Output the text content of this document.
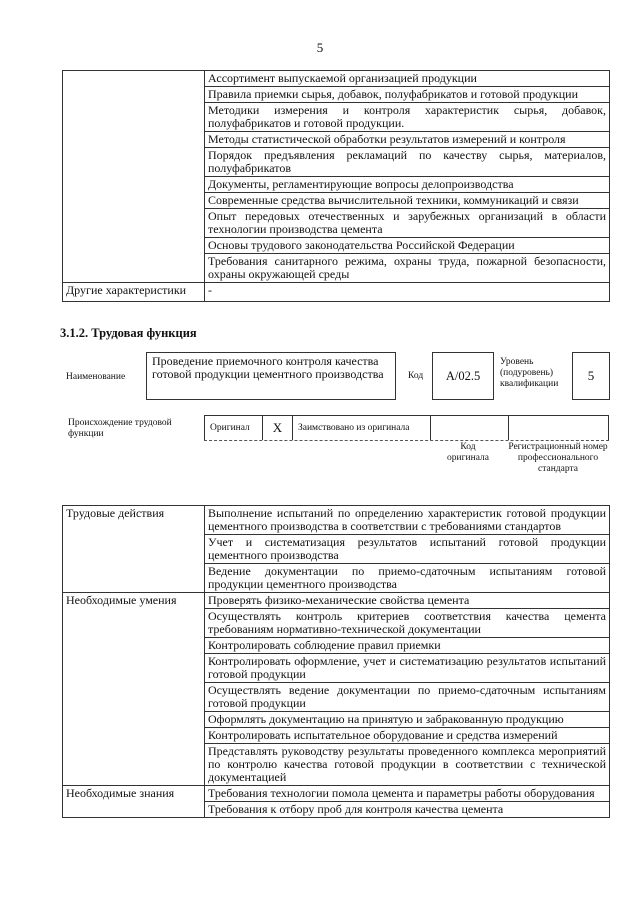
5
	Ассортимент выпускаемой организацией продукции
	Правила приемки сырья, добавок, полуфабрикатов и готовой продукции
	Методики измерения и контроля характеристик сырья, добавок, полуфабрикатов и готовой продукции.
	Методы статистической обработки результатов измерений и контроля
	Порядок предъявления рекламаций по качеству сырья, материалов, полуфабрикатов
	Документы, регламентирующие вопросы делопроизводства
	Современные средства вычислительной техники, коммуникаций и связи
	Опыт передовых отечественных и зарубежных организаций в области технологии производства цемента
	Основы трудового законодательства Российской Федерации
	Требования санитарного режима, охраны труда, пожарной безопасности, охраны окружающей среды
Другие характеристики	-
3.1.2. Трудовая функция
Наименование
Проведение приемочного контроля качества готовой продукции цементного производства	Код	A/02.5
Уровень (подуровень) квалификации
5
Происхождение трудовой функции
Оригинал	X	Заимствовано из оригинала
Код оригинала
Регистрационный номер профессионального стандарта
Трудовые действия	Выполнение испытаний по определению характеристик готовой продукции цементного производства в соответствии с требованиями стандартов
	Учет и систематизация результатов испытаний готовой продукции цементного производства
	Ведение документации по приемо-сдаточным испытаниям готовой продукции цементного производства
Необходимые умения	Проверять физико-механические свойства цемента
	Осуществлять контроль критериев соответствия качества цемента требованиям нормативно-технической документации
	Контролировать соблюдение правил приемки
	Контролировать оформление, учет и систематизацию результатов испытаний готовой продукции
	Осуществлять ведение документации по приемо-сдаточным испытаниям готовой продукции
	Оформлять документацию на принятую и забракованную продукцию
	Контролировать испытательное оборудование и средства измерений
	Представлять руководству результаты проведенного комплекса мероприятий по контролю качества готовой продукции в соответствии с технической документацией
Необходимые знания	Требования технологии помола цемента и параметры работы оборудования
	Требования к отбору проб для контроля качества цемента
